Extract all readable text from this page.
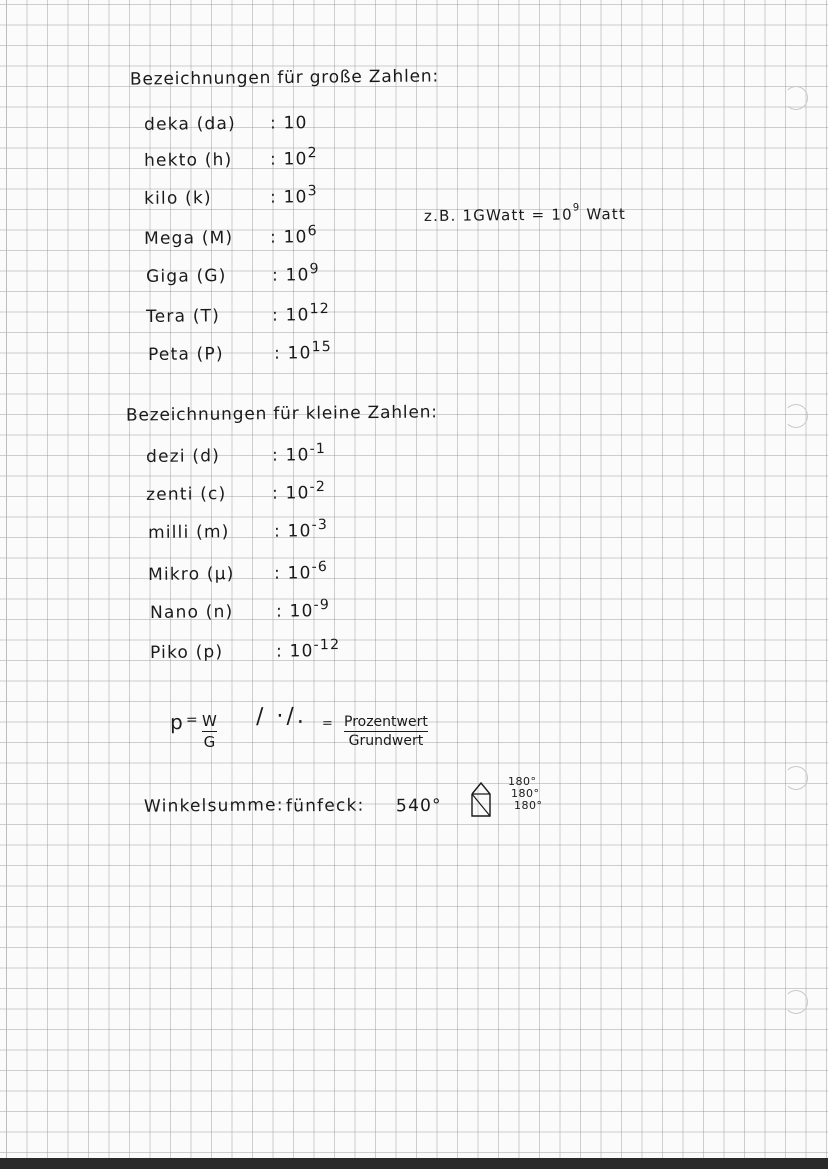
Bezeichnungen für große Zahlen:
deka (da) : 10
hekto (h) : $10^2$
kilo (k)	: $10^3$
Mega (M) : $10^6$
Giga (G)	: $10^9$
Tera (T)	: $10^{12}$
Peta (P)	: $10^{15}$
z.B. 1GWatt = $10^9$ Watt
Bezeichnungen für kleine Zahlen:
dezi (d)	: $10^{-1}$
zenti (c)	: $10^{-2}$
milli (m)	: $10^{-3}$
Mikro (µ) : $10^{-6}$
Nano (n) : $10^{-9}$
Piko (p)	: $10^{-12}$
p = W
G
/ ·/. = Prozentwert
Grundwert
Winkelsumme: fünfeck: 540°
180°
180°
180°
